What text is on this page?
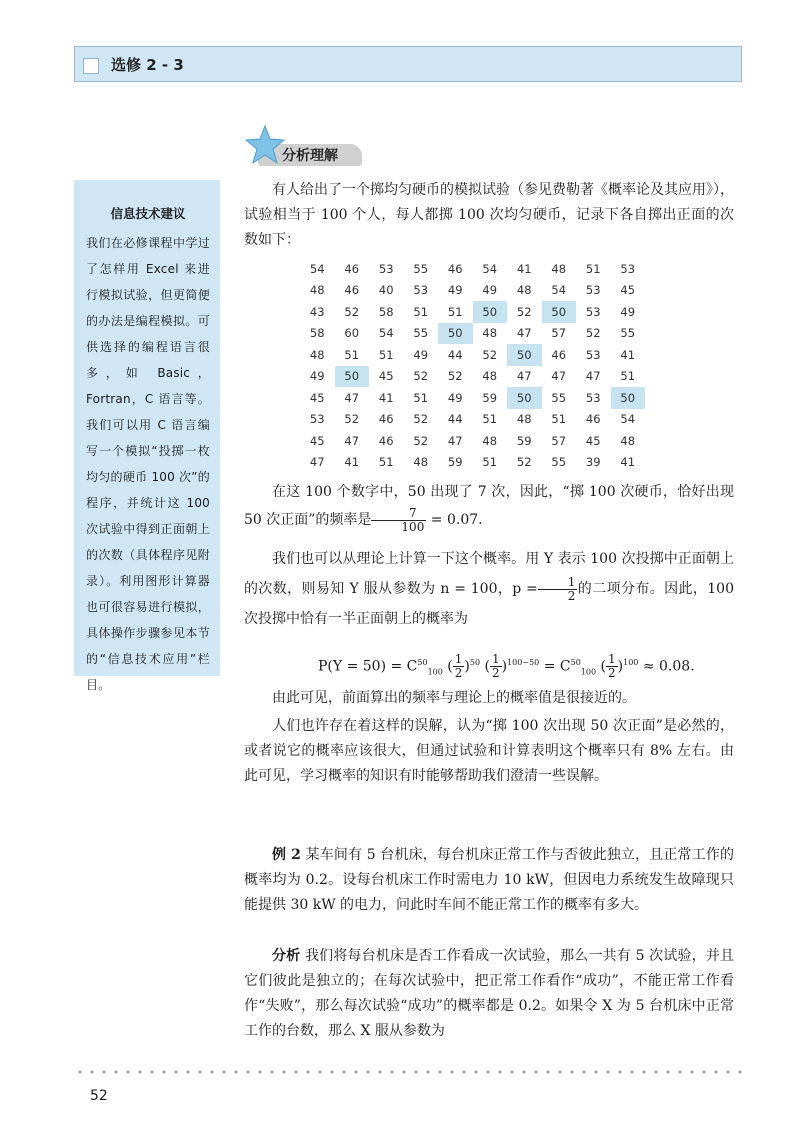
选修 2 - 3
分析理解
信息技术建议
我们在必修课程中学过了怎样用 Excel 来进行模拟试验，但更简便的办法是编程模拟。可供选择的编程语言很多，如 Basic，Fortran，C 语言等。我们可以用 C 语言编写一个模拟“投掷一枚均匀的硬币 100 次”的程序，并统计这 100 次试验中得到正面朝上的次数（具体程序见附录）。利用图形计算器也可很容易进行模拟，具体操作步骤参见本节的“信息技术应用”栏目。

有人给出了一个掷均匀硬币的模拟试验（参见费勒著《概率论及其应用》），试验相当于 100 个人，每人都掷 100 次均匀硬币，记录下各自掷出正面的次数如下：

54	46	53	55	46	54	41	48	51	53
48	46	40	53	49	49	48	54	53	45
43	52	58	51	51	50	52	50	53	49
58	60	54	55	50	48	47	57	52	55
48	51	51	49	44	52	50	46	53	41
49	50	45	52	52	48	47	47	47	51
45	47	41	51	49	59	50	55	53	50
53	52	46	52	44	51	48	51	46	54
45	47	46	52	47	48	59	57	45	48
47	41	51	48	59	51	52	55	39	41

在这 100 个数字中，50 出现了 7 次，因此，“掷 100 次硬币，恰好出现 50 次正面”的频率是 $\frac{7}{100} = 0.07$.

我们也可以从理论上计算一下这个概率。用 Y 表示 100 次投掷中正面朝上的次数，则易知 Y 服从参数为 n = 100，$p = \frac{1}{2}$ 的二项分布。因此，100 次投掷中恰有一半正面朝上的概率为

$P(Y = 50) = C^{50}_{100}$ ( $\frac{1}{2} )^{50}$ ( $\frac{1}{2} )^{100-50} = C^{50}_{100}$ ( $\frac{1}{2} )^{100} \approx 0.08$.

由此可见，前面算出的频率与理论上的概率值是很接近的。

人们也许存在着这样的误解，认为“掷 100 次出现 50 次正面”是必然的，或者说它的概率应该很大，但通过试验和计算表明这个概率只有 8% 左右。由此可见，学习概率的知识有时能够帮助我们澄清一些误解。

例 2 某车间有 5 台机床，每台机床正常工作与否彼此独立，且正常工作的概率均为 0.2。设每台机床工作时需电力 10 kW，但因电力系统发生故障现只能提供 30 kW 的电力，问此时车间不能正常工作的概率有多大。

分析 我们将每台机床是否工作看成一次试验，那么一共有 5 次试验，并且它们彼此是独立的；在每次试验中，把正常工作看作“成功”，不能正常工作看作“失败”，那么每次试验“成功”的概率都是 0.2。如果令 X 为 5 台机床中正常工作的台数，那么 X 服从参数为

52
